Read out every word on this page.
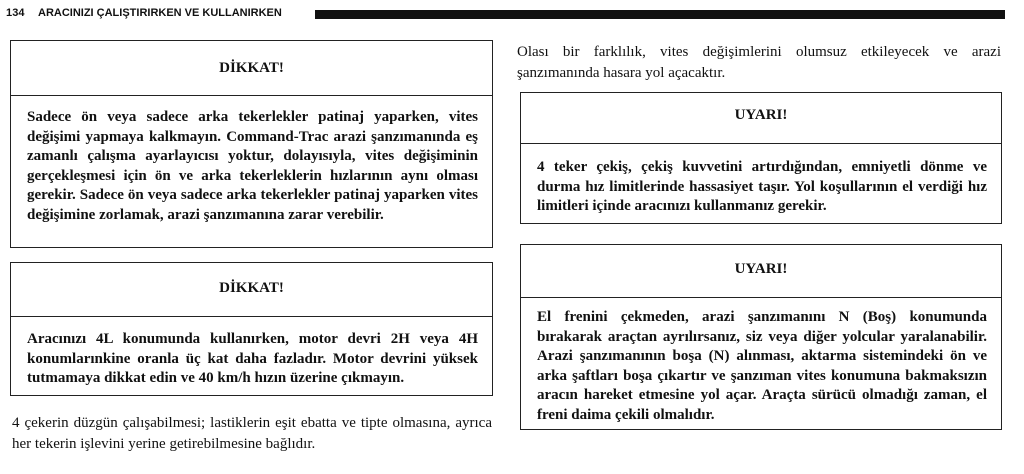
134 ARACINIZI ÇALIŞTIRIRKEN VE KULLANIRKEN
DİKKAT!
Sadece ön veya sadece arka tekerlekler patinaj yaparken, vites değişimi yapmaya kalkmayın. Command-Trac arazi şanzımanında eş zamanlı çalışma ayarlayıcısı yoktur, dolayısıyla, vites değişiminin gerçekleşmesi için ön ve arka tekerleklerin hızlarının aynı olması gerekir. Sadece ön veya sadece arka tekerlekler patinaj yaparken vites değişimine zorlamak, arazi şanzımanına zarar verebilir.
DİKKAT!
Aracınızı 4L konumunda kullanırken, motor devri 2H veya 4H konumlarınkine oranla üç kat daha fazladır. Motor devrini yüksek tutmamaya dikkat edin ve 40 km/h hızın üzerine çıkmayın.
4 çekerin düzgün çalışabilmesi; lastiklerin eşit ebatta ve tipte olmasına, ayrıca her tekerin işlevini yerine getirebilmesine bağlıdır.
Olası bir farklılık, vites değişimlerini olumsuz etkileyecek ve arazi şanzımanında hasara yol açacaktır.
UYARI!
4 teker çekiş, çekiş kuvvetini artırdığından, emniyetli dönme ve durma hız limitlerinde hassasiyet taşır. Yol koşullarının el verdiği hız limitleri içinde aracınızı kullanmanız gerekir.
UYARI!
El frenini çekmeden, arazi şanzımanını N (Boş) konumunda bırakarak araçtan ayrılırsanız, siz veya diğer yolcular yaralanabilir. Arazi şanzımanının boşa (N) alınması, aktarma sistemindeki ön ve arka şaftları boşa çıkartır ve şanzıman vites konumuna bakmaksızın aracın hareket etmesine yol açar. Araçta sürücü olmadığı zaman, el freni daima çekili olmalıdır.
